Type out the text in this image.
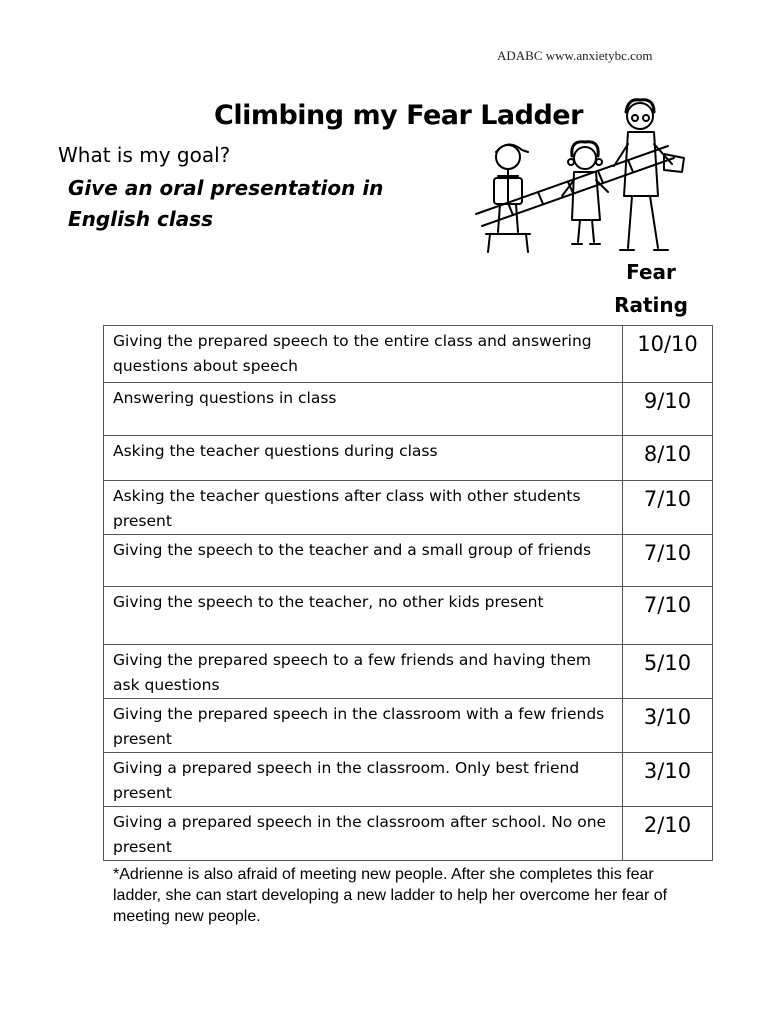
ADABC www.anxietybc.com
Climbing my Fear Ladder
What is my goal?
Give an oral presentation in English class
Fear
Rating
Giving the prepared speech to the entire class and answering questions about speech	10/10
Answering questions in class	9/10
Asking the teacher questions during class	8/10
Asking the teacher questions after class with other students present	7/10
Giving the speech to the teacher and a small group of friends	7/10
Giving the speech to the teacher, no other kids present	7/10
Giving the prepared speech to a few friends and having them ask questions	5/10
Giving the prepared speech in the classroom with a few friends present	3/10
Giving a prepared speech in the classroom. Only best friend present	3/10
Giving a prepared speech in the classroom after school. No one present	2/10
*Adrienne is also afraid of meeting new people. After she completes this fear ladder, she can start developing a new ladder to help her overcome her fear of meeting new people.
